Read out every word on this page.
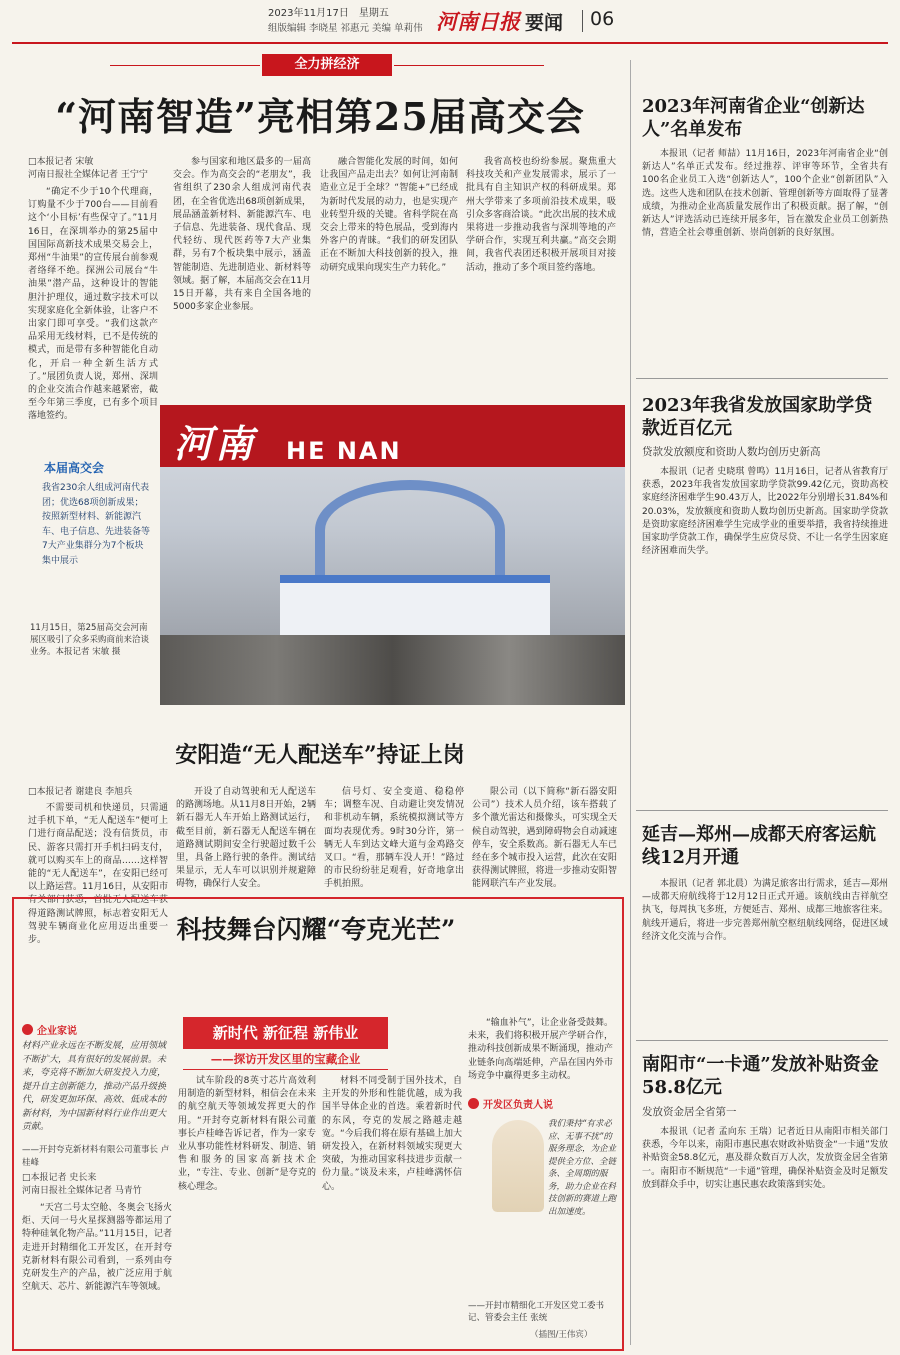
2023年11月17日　星期五
组版编辑 李晓星 祁惠元 美编 单莉伟 河南日报 要闻 06
全力拼经济
“河南智造”亮相第25届高交会
□本报记者 宋敏
河南日报社全媒体记者 王宁宁

“确定不少于10个代理商，订购量不少于700台——目前看这个‘小目标’有些保守了。”11月16日，在深圳举办的第25届中国国际高新技术成果交易会上，郑州“牛油果”的宣传展台前参观者络绎不绝。探洲公司展台“牛油果”潜产品，这种设计的智能胆汁护理仪，通过数字技术可以实现家庭化全新体验，让客户不出家门即可享受。“我们这款产品采用无线材料，已不是传统的模式，而是带有多种智能化自动化，开启一种全新生活方式了。”展团负责人说，郑州、深圳的企业交流合作越来越紧密，截至今年第三季度，已有多个项目落地签约。

参与国家和地区最多的一届高交会。作为高交会的“老朋友”，我省组织了230余人组成河南代表团，在全省优选出68项创新成果，展品涵盖新材料、新能源汽车、电子信息、先进装备、现代食品、现代轻纺、现代医药等7大产业集群，另有7个板块集中展示，涵盖智能制造、先进制造业、新材料等领域。据了解，本届高交会在11月15日开幕，共有来自全国各地的5000多家企业参展。

融合智能化发展的时间，如何让我国产品走出去？如何让河南制造业立足于全球？“智能+”已经成为新时代发展的动力，也是实现产业转型升级的关键。省科学院在高交会上带来的特色展品，受到海内外客户的青睐。“我们的研发团队正在不断加大科技创新的投入，推动研究成果向现实生产力转化。”

我省高校也纷纷参展。聚焦重大科技攻关和产业发展需求，展示了一批具有自主知识产权的科研成果。郑州大学带来了多项前沿技术成果，吸引众多客商洽谈。“此次出展的技术成果将进一步推动我省与深圳等地的产学研合作，实现互利共赢。”高交会期间，我省代表团还积极开展项目对接活动，推动了多个项目签约落地。

河南 HE NAN
本届高交会
我省230余人组成河南代表团；优选68项创新成果；按照新型材料、新能源汽车、电子信息、先进装备等7大产业集群分为7个板块集中展示
11月15日，第25届高交会河南展区吸引了众多采购商前来洽谈业务。本报记者 宋敏 摄
安阳造“无人配送车”持证上岗
□本报记者 谢建良 李旭兵

不需要司机和快递员，只需通过手机下单，“无人配送车”便可上门进行商品配送；没有信货员，市民、游客只需打开手机扫码支付，就可以购买车上的商品……这样智能的“无人配送车”，在安阳已经可以上路运营。11月16日，从安阳市有关部门获悉，首批无人配送车获得道路测试牌照，标志着安阳无人驾驶车辆商业化应用迈出重要一步。

开设了自动驾驶和无人配送车的路测场地。从11月8日开始，2辆新石器无人车开始上路测试运行，截至目前，新石器无人配送车辆在道路测试期间安全行驶超过数千公里，具备上路行驶的条件。测试结果显示，无人车可以识别并规避障碍物，确保行人安全。

信号灯、安全变道、稳稳停车；调整车况、自动避让突发情况和非机动车辆，系统模拟测试等方面均表现优秀。9时30分许，第一辆无人车到达文峰大道与金鸡路交叉口。“看，那辆车没人开！”路过的市民纷纷驻足观看，好奇地拿出手机拍照。

限公司（以下简称“新石器安阳公司”）技术人员介绍，该车搭载了多个激光雷达和摄像头，可实现全天候自动驾驶，遇到障碍物会自动减速停车，安全系数高。新石器无人车已经在多个城市投入运营，此次在安阳获得测试牌照，将进一步推动安阳智能网联汽车产业发展。

科技舞台闪耀“夸克光芒”
新时代 新征程 新伟业
——探访开发区里的宝藏企业
企业家说
材料产业永远在不断发展，应用领域不断扩大，具有很好的发展前景。未来，夸克将不断加大研发投入力度，提升自主创新能力，推动产品升级换代，研发更加环保、高效、低成本的新材料，为中国新材料行业作出更大贡献。
——开封夸克新材料有限公司董事长 卢桂峰
□本报记者 史长来
河南日报社全媒体记者 马青竹

“天宫二号太空舱、冬奥会飞扬火炬、天问一号火星探测器等都运用了特种硅氧化物产品。”11月15日，记者走进开封精细化工开发区，在开封夸克新材料有限公司看到，一系列由夸克研发生产的产品，被广泛应用于航空航天、芯片、新能源汽车等领域。

试车阶段的8英寸芯片高效利用制造的新型材料，相信会在未来的航空航天等领域发挥更大的作用。“开封夸克新材料有限公司董事长卢桂峰告诉记者，作为一家专业从事功能性材料研发、制造、销售和服务的国家高新技术企业，“专注、专业、创新”是夸克的核心理念。

材料不同受制于国外技术，自主开发的外形和性能优越，成为我国半导体企业的首选。乘着新时代的东风，夸克的发展之路越走越宽。“今后我们将在原有基础上加大研发投入，在新材料领域实现更大突破，为推动国家科技进步贡献一份力量。”谈及未来，卢桂峰满怀信心。

“输血补气”，让企业备受鼓舞。未来，我们将积极开展产学研合作，推动科技创新成果不断涌现，推动产业链条向高端延伸，产品在国内外市场竞争中赢得更多主动权。

开发区负责人说
我们秉持“有求必应、无事不扰”的服务理念，为企业提供全方位、全链条、全周期的服务，助力企业在科技创新的赛道上跑出加速度。
——开封市精细化工开发区党工委书记、管委会主任 张统
（插图/王伟宾）
2023年河南省企业“创新达人”名单发布

本报讯（记者 师喆）11月16日，2023年河南省企业“创新达人”名单正式发布。经过推荐、评审等环节，全省共有100名企业员工入选“创新达人”，100个企业“创新团队”入选。这些人选和团队在技术创新、管理创新等方面取得了显著成绩，为推动企业高质量发展作出了积极贡献。据了解，“创新达人”评选活动已连续开展多年，旨在激发企业员工创新热情，营造全社会尊重创新、崇尚创新的良好氛围。

2023年我省发放国家助学贷款近百亿元
贷款发放额度和资助人数均创历史新高

本报讯（记者 史晓琪 曾鸣）11月16日，记者从省教育厅获悉，2023年我省发放国家助学贷款99.42亿元，资助高校家庭经济困难学生90.43万人，比2022年分别增长31.84%和20.03%，发放额度和资助人数均创历史新高。国家助学贷款是资助家庭经济困难学生完成学业的重要举措，我省持续推进国家助学贷款工作，确保学生应贷尽贷、不让一名学生因家庭经济困难而失学。

延吉—郑州—成都天府客运航线12月开通

本报讯（记者 郭北晨）为满足旅客出行需求，延吉—郑州—成都天府航线将于12月12日正式开通。该航线由吉祥航空执飞，每周执飞多班，方便延吉、郑州、成都三地旅客往来。航线开通后，将进一步完善郑州航空枢纽航线网络，促进区域经济文化交流与合作。

南阳市“一卡通”发放补贴资金58.8亿元
发放资金居全省第一

本报讯（记者 孟向东 王瑞）记者近日从南阳市相关部门获悉，今年以来，南阳市惠民惠农财政补贴资金“一卡通”发放补贴资金58.8亿元，惠及群众数百万人次，发放资金居全省第一。南阳市不断规范“一卡通”管理，确保补贴资金及时足额发放到群众手中，切实让惠民惠农政策落到实处。
